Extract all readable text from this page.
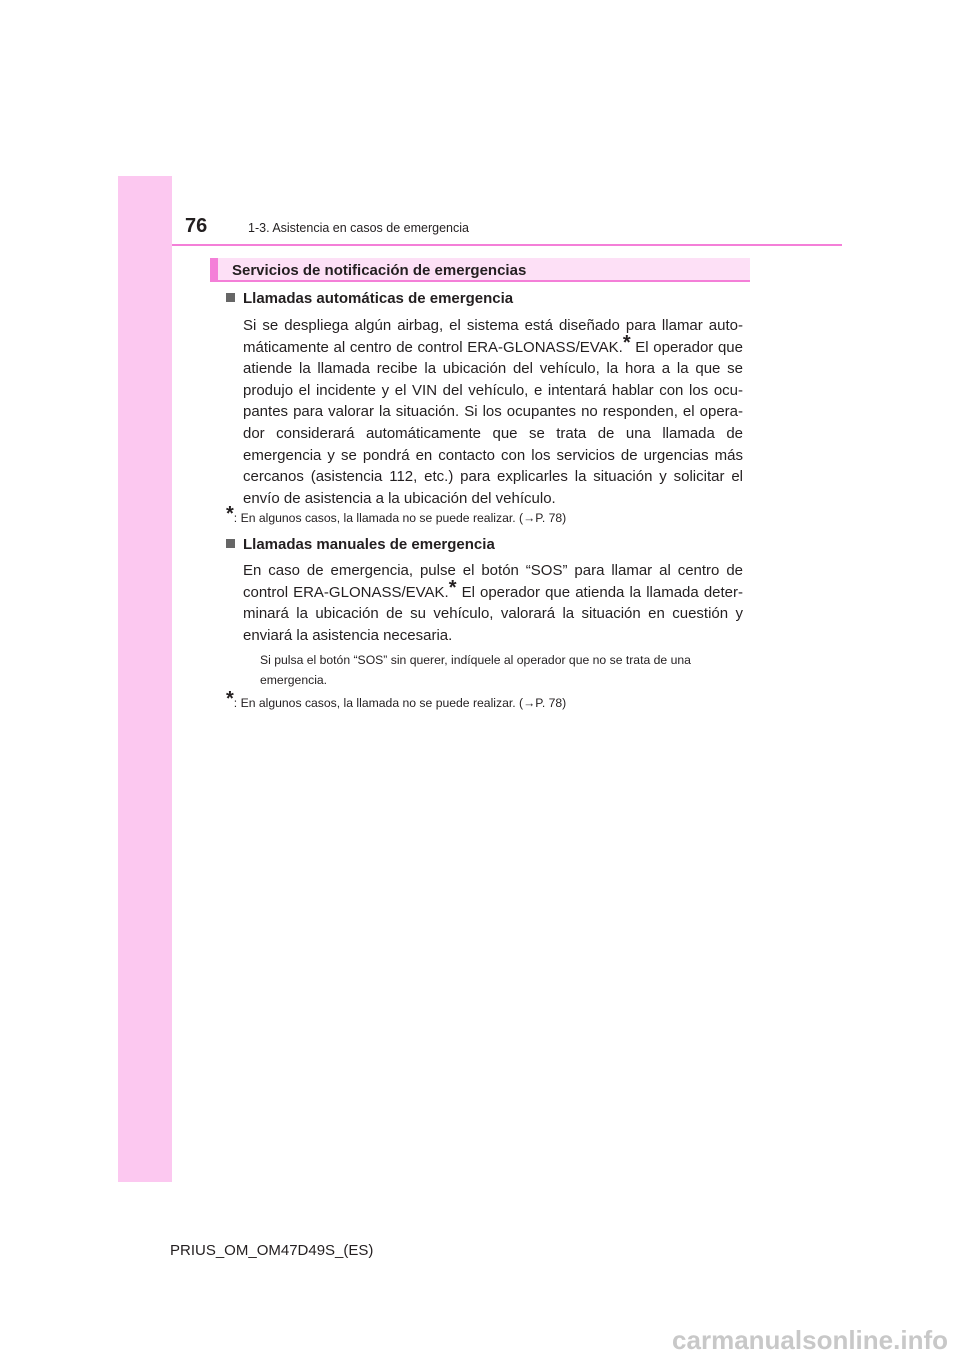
76	1-3. Asistencia en casos de emergencia
Servicios de notificación de emergencias
Llamadas automáticas de emergencia

Si se despliega algún airbag, el sistema está diseñado para llamar auto-máticamente al centro de control ERA-GLONASS/EVAK.* El operador que atiende la llamada recibe la ubicación del vehículo, la hora a la que se produjo el incidente y el VIN del vehículo, e intentará hablar con los ocu-pantes para valorar la situación. Si los ocupantes no responden, el opera-dor considerará automáticamente que se trata de una llamada de emergencia y se pondrá en contacto con los servicios de urgencias más cercanos (asistencia 112, etc.) para explicarles la situación y solicitar el envío de asistencia a la ubicación del vehículo.

*: En algunos casos, la llamada no se puede realizar. (→P. 78)
Llamadas manuales de emergencia

En caso de emergencia, pulse el botón “SOS” para llamar al centro de control ERA-GLONASS/EVAK.* El operador que atienda la llamada deter-minará la ubicación de su vehículo, valorará la situación en cuestión y enviará la asistencia necesaria.

Si pulsa el botón “SOS” sin querer, indíquele al operador que no se trata de una emergencia.

*: En algunos casos, la llamada no se puede realizar. (→P. 78)
PRIUS_OM_OM47D49S_(ES)
carmanualsonline.info
